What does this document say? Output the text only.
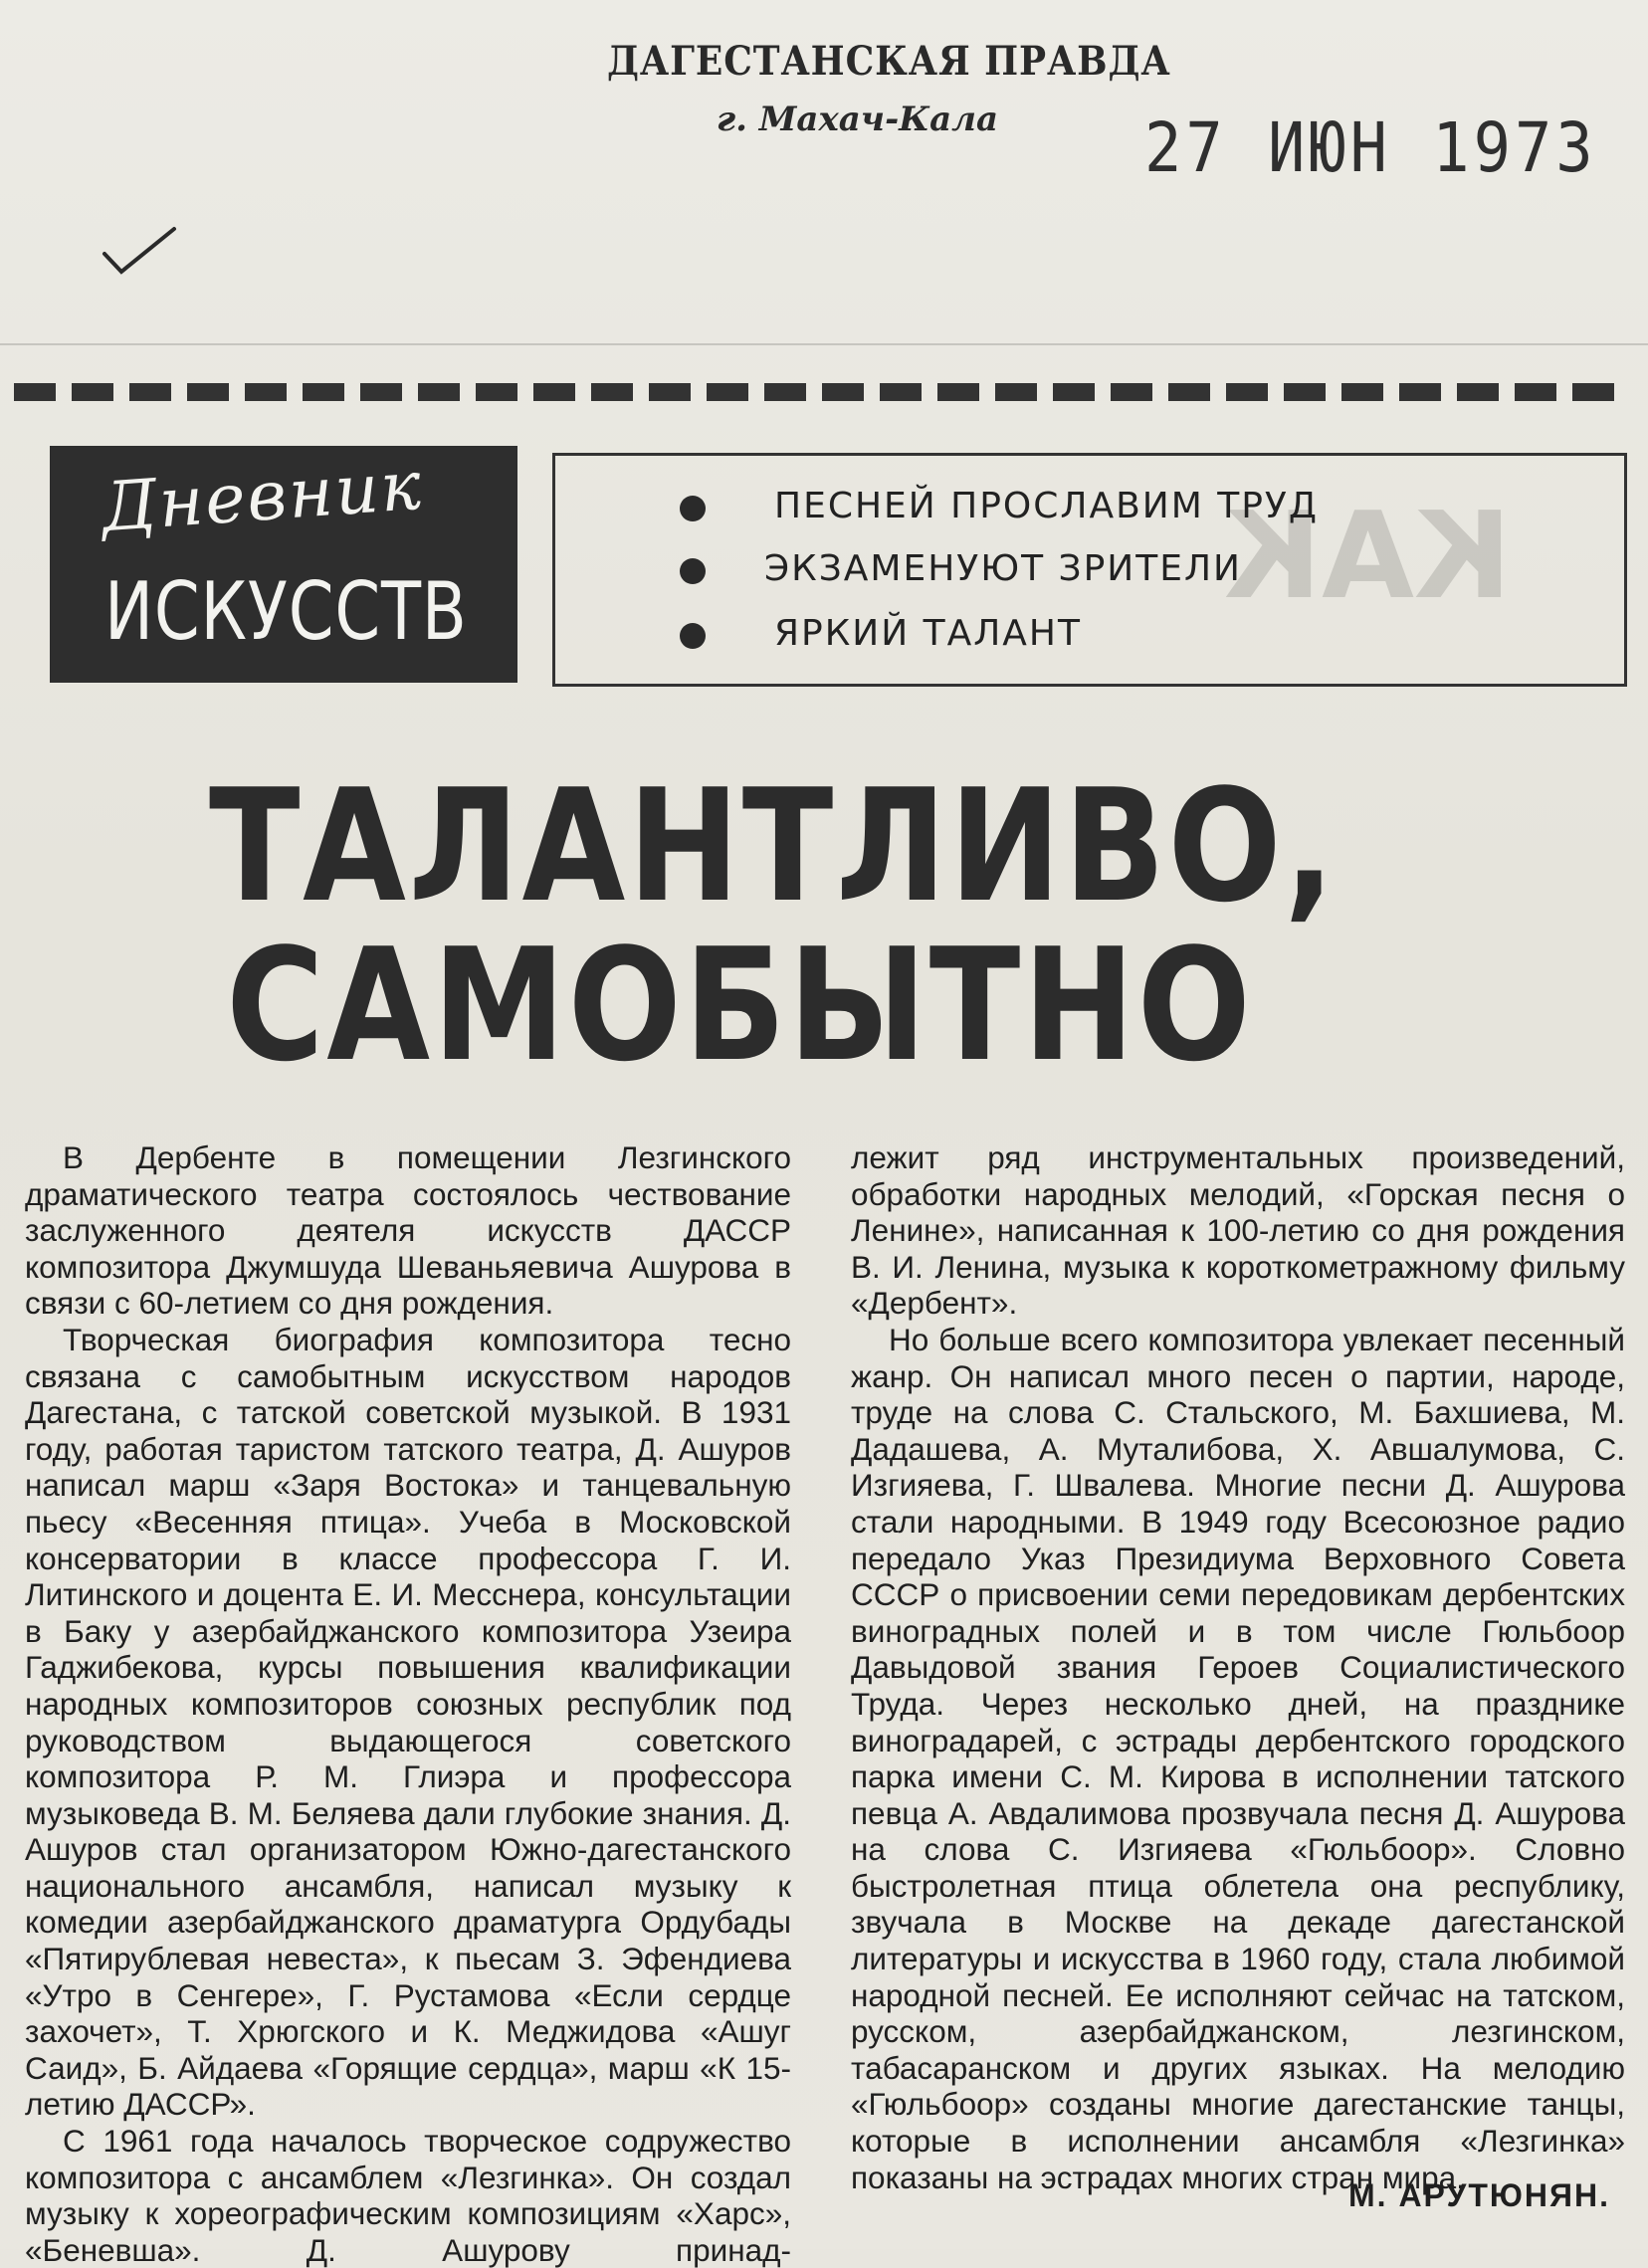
ДАГЕСТАНСКАЯ ПРАВДА
г. Махач-Кала 27 ИЮН 1973
Дневник
ИСКУССТВ
ПЕСНЕЙ ПРОСЛАВИМ ТРУД
ЭКЗАМЕНУЮТ ЗРИТЕЛИ
ЯРКИЙ ТАЛАНТ
ТАЛАНТЛИВО,
САМОБЫТНО

В Дербенте в помещении Лезгинского драматического театра состоялось чествование заслуженного деятеля искусств ДАССР композитора Джумшуда Шеваньяевича Ашурова в связи с 60-летием со дня рождения.

Творческая биография композитора тесно связана с самобытным искусством народов Дагестана, с татской советской музыкой. В 1931 году, работая таристом татского театра, Д. Ашуров написал марш «Заря Востока» и танцевальную пьесу «Весенняя птица». Учеба в Московской консерватории в классе профессора Г. И. Литинского и доцента Е. И. Месснера, консультации в Баку у азербайджанского композитора Узеира Гаджибекова, курсы повышения квалификации народных композиторов союзных республик под руководством выдающегося советского композитора Р. М. Глиэра и профессора музыковеда В. М. Беляева дали глубокие знания. Д. Ашуров стал организатором Южно-дагестанского национального ансамбля, написал музыку к комедии азербайджанского драматурга Ордубады «Пятирублевая невеста», к пьесам З. Эфендиева «Утро в Сенгере», Г. Рустамова «Если сердце захочет», Т. Хрюгского и К. Меджидова «Ашуг Саид», Б. Айдаева «Горящие сердца», марш «К 15-летию ДАССР».

С 1961 года началось творческое содружество композитора с ансамблем «Лезгинка». Он создал музыку к хореографическим композициям «Харс», «Беневша». Д. Ашурову принад-

лежит ряд инструментальных произведений, обработки народных мелодий, «Горская песня о Ленине», написанная к 100-летию со дня рождения В. И. Ленина, музыка к короткометражному фильму «Дербент».

Но больше всего композитора увлекает песенный жанр. Он написал много песен о партии, народе, труде на слова С. Стальского, М. Бахшиева, М. Дадашева, А. Муталибова, Х. Авшалумова, С. Изгияева, Г. Швалева. Многие песни Д. Ашурова стали народными. В 1949 году Всесоюзное радио передало Указ Президиума Верховного Совета СССР о присвоении семи передовикам дербентских виноградных полей и в том числе Гюльбоор Давыдовой звания Героев Социалистического Труда. Через несколько дней, на празднике виноградарей, с эстрады дербентского городского парка имени С. М. Кирова в исполнении татского певца А. Авдалимова прозвучала песня Д. Ашурова на слова С. Изгияева «Гюльбоор». Словно быстролетная птица облетела она республику, звучала в Москве на декаде дагестанской литературы и искусства в 1960 году, стала любимой народной песней. Ее исполняют сейчас на татском, русском, азербайджанском, лезгинском, табасаранском и других языках. На мелодию «Гюльбоор» созданы многие дагестанские танцы, которые в исполнении ансамбля «Лезгинка» показаны на эстрадах многих стран мира.

М. АРУТЮНЯН.
